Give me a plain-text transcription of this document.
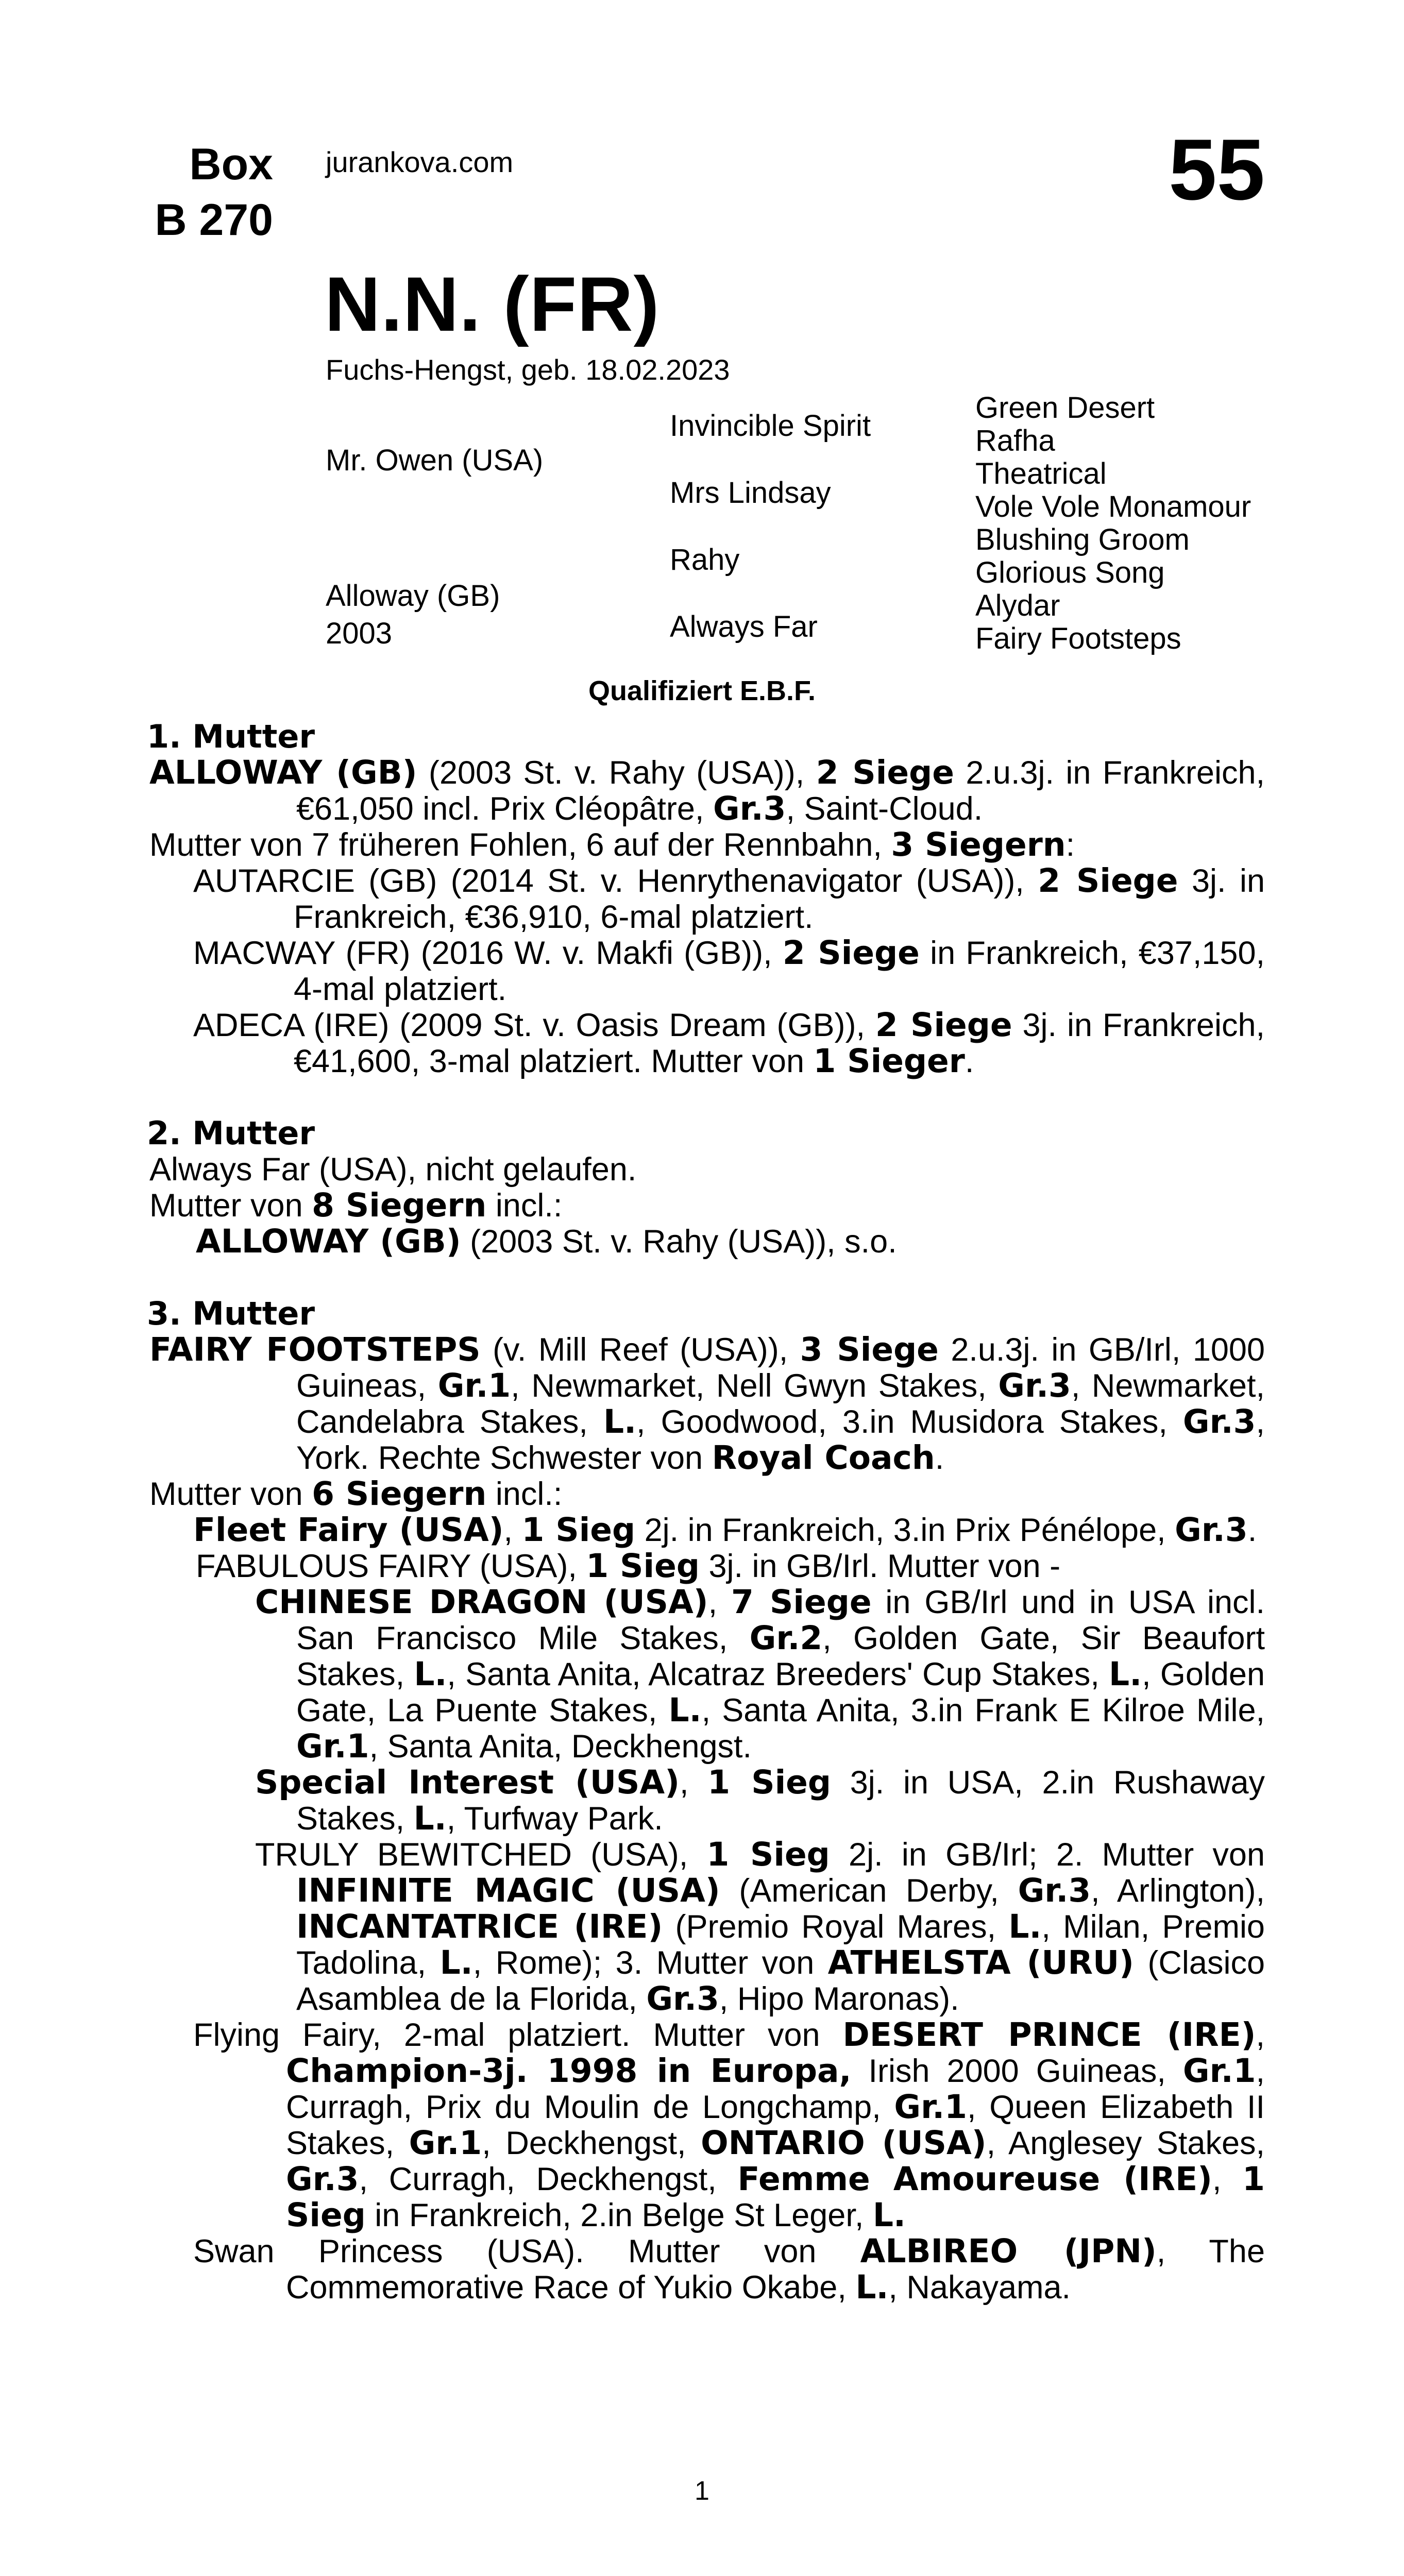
Box
B 270
jurankova.com	55
N.N. (FR)
Fuchs-Hengst, geb. 18.02.2023
Mr. Owen (USA)
Alloway (GB)
2003
Invincible Spirit
Mrs Lindsay
Rahy
Always Far
Green Desert
Rafha
Theatrical
Vole Vole Monamour
Blushing Groom
Glorious Song
Alydar
Fairy Footsteps
Qualifiziert E.B.F.
1. Mutter

ALLOWAY (GB) (2003 St. v. Rahy (USA)), 2 Siege 2.u.3j. in Frankreich, €61,050 incl. Prix Cléopâtre, Gr.3, Saint-Cloud.

Mutter von 7 früheren Fohlen, 6 auf der Rennbahn, 3 Siegern:

AUTARCIE (GB) (2014 St. v. Henrythenavigator (USA)), 2 Siege 3j. in Frankreich, €36,910, 6-mal platziert.

MACWAY (FR) (2016 W. v. Makfi (GB)), 2 Siege in Frankreich, €37,150, 4-mal platziert.

ADECA (IRE) (2009 St. v. Oasis Dream (GB)), 2 Siege 3j. in Frankreich, €41,600, 3-mal platziert. Mutter von 1 Sieger.

2. Mutter

Always Far (USA), nicht gelaufen.

Mutter von 8 Siegern incl.:

ALLOWAY (GB) (2003 St. v. Rahy (USA)), s.o.

3. Mutter

FAIRY FOOTSTEPS (v. Mill Reef (USA)), 3 Siege 2.u.3j. in GB/Irl, 1000 Guineas, Gr.1, Newmarket, Nell Gwyn Stakes, Gr.3, Newmarket, Candelabra Stakes, L., Goodwood, 3.in Musidora Stakes, Gr.3, York. Rechte Schwester von Royal Coach.

Mutter von 6 Siegern incl.:

Fleet Fairy (USA), 1 Sieg 2j. in Frankreich, 3.in Prix Pénélope, Gr.3.

FABULOUS FAIRY (USA), 1 Sieg 3j. in GB/Irl. Mutter von -

CHINESE DRAGON (USA), 7 Siege in GB/Irl und in USA incl. San Francisco Mile Stakes, Gr.2, Golden Gate, Sir Beaufort Stakes, L., Santa Anita, Alcatraz Breeders' Cup Stakes, L., Golden Gate, La Puente Stakes, L., Santa Anita, 3.in Frank E Kilroe Mile, Gr.1, Santa Anita, Deckhengst.

Special Interest (USA), 1 Sieg 3j. in USA, 2.in Rushaway Stakes, L., Turfway Park.

TRULY BEWITCHED (USA), 1 Sieg 2j. in GB/Irl; 2. Mutter von INFINITE MAGIC (USA) (American Derby, Gr.3, Arlington), INCANTATRICE (IRE) (Premio Royal Mares, L., Milan, Premio Tadolina, L., Rome); 3. Mutter von ATHELSTA (URU) (Clasico Asamblea de la Florida, Gr.3, Hipo Maronas).

Flying Fairy, 2-mal platziert. Mutter von DESERT PRINCE (IRE), Champion-3j. 1998 in Europa, Irish 2000 Guineas, Gr.1, Curragh, Prix du Moulin de Longchamp, Gr.1, Queen Elizabeth II Stakes, Gr.1, Deckhengst, ONTARIO (USA), Anglesey Stakes, Gr.3, Curragh, Deckhengst, Femme Amoureuse (IRE), 1 Sieg in Frankreich, 2.in Belge St Leger, L.

Swan Princess (USA). Mutter von ALBIREO (JPN), The Commemorative Race of Yukio Okabe, L., Nakayama.

1
